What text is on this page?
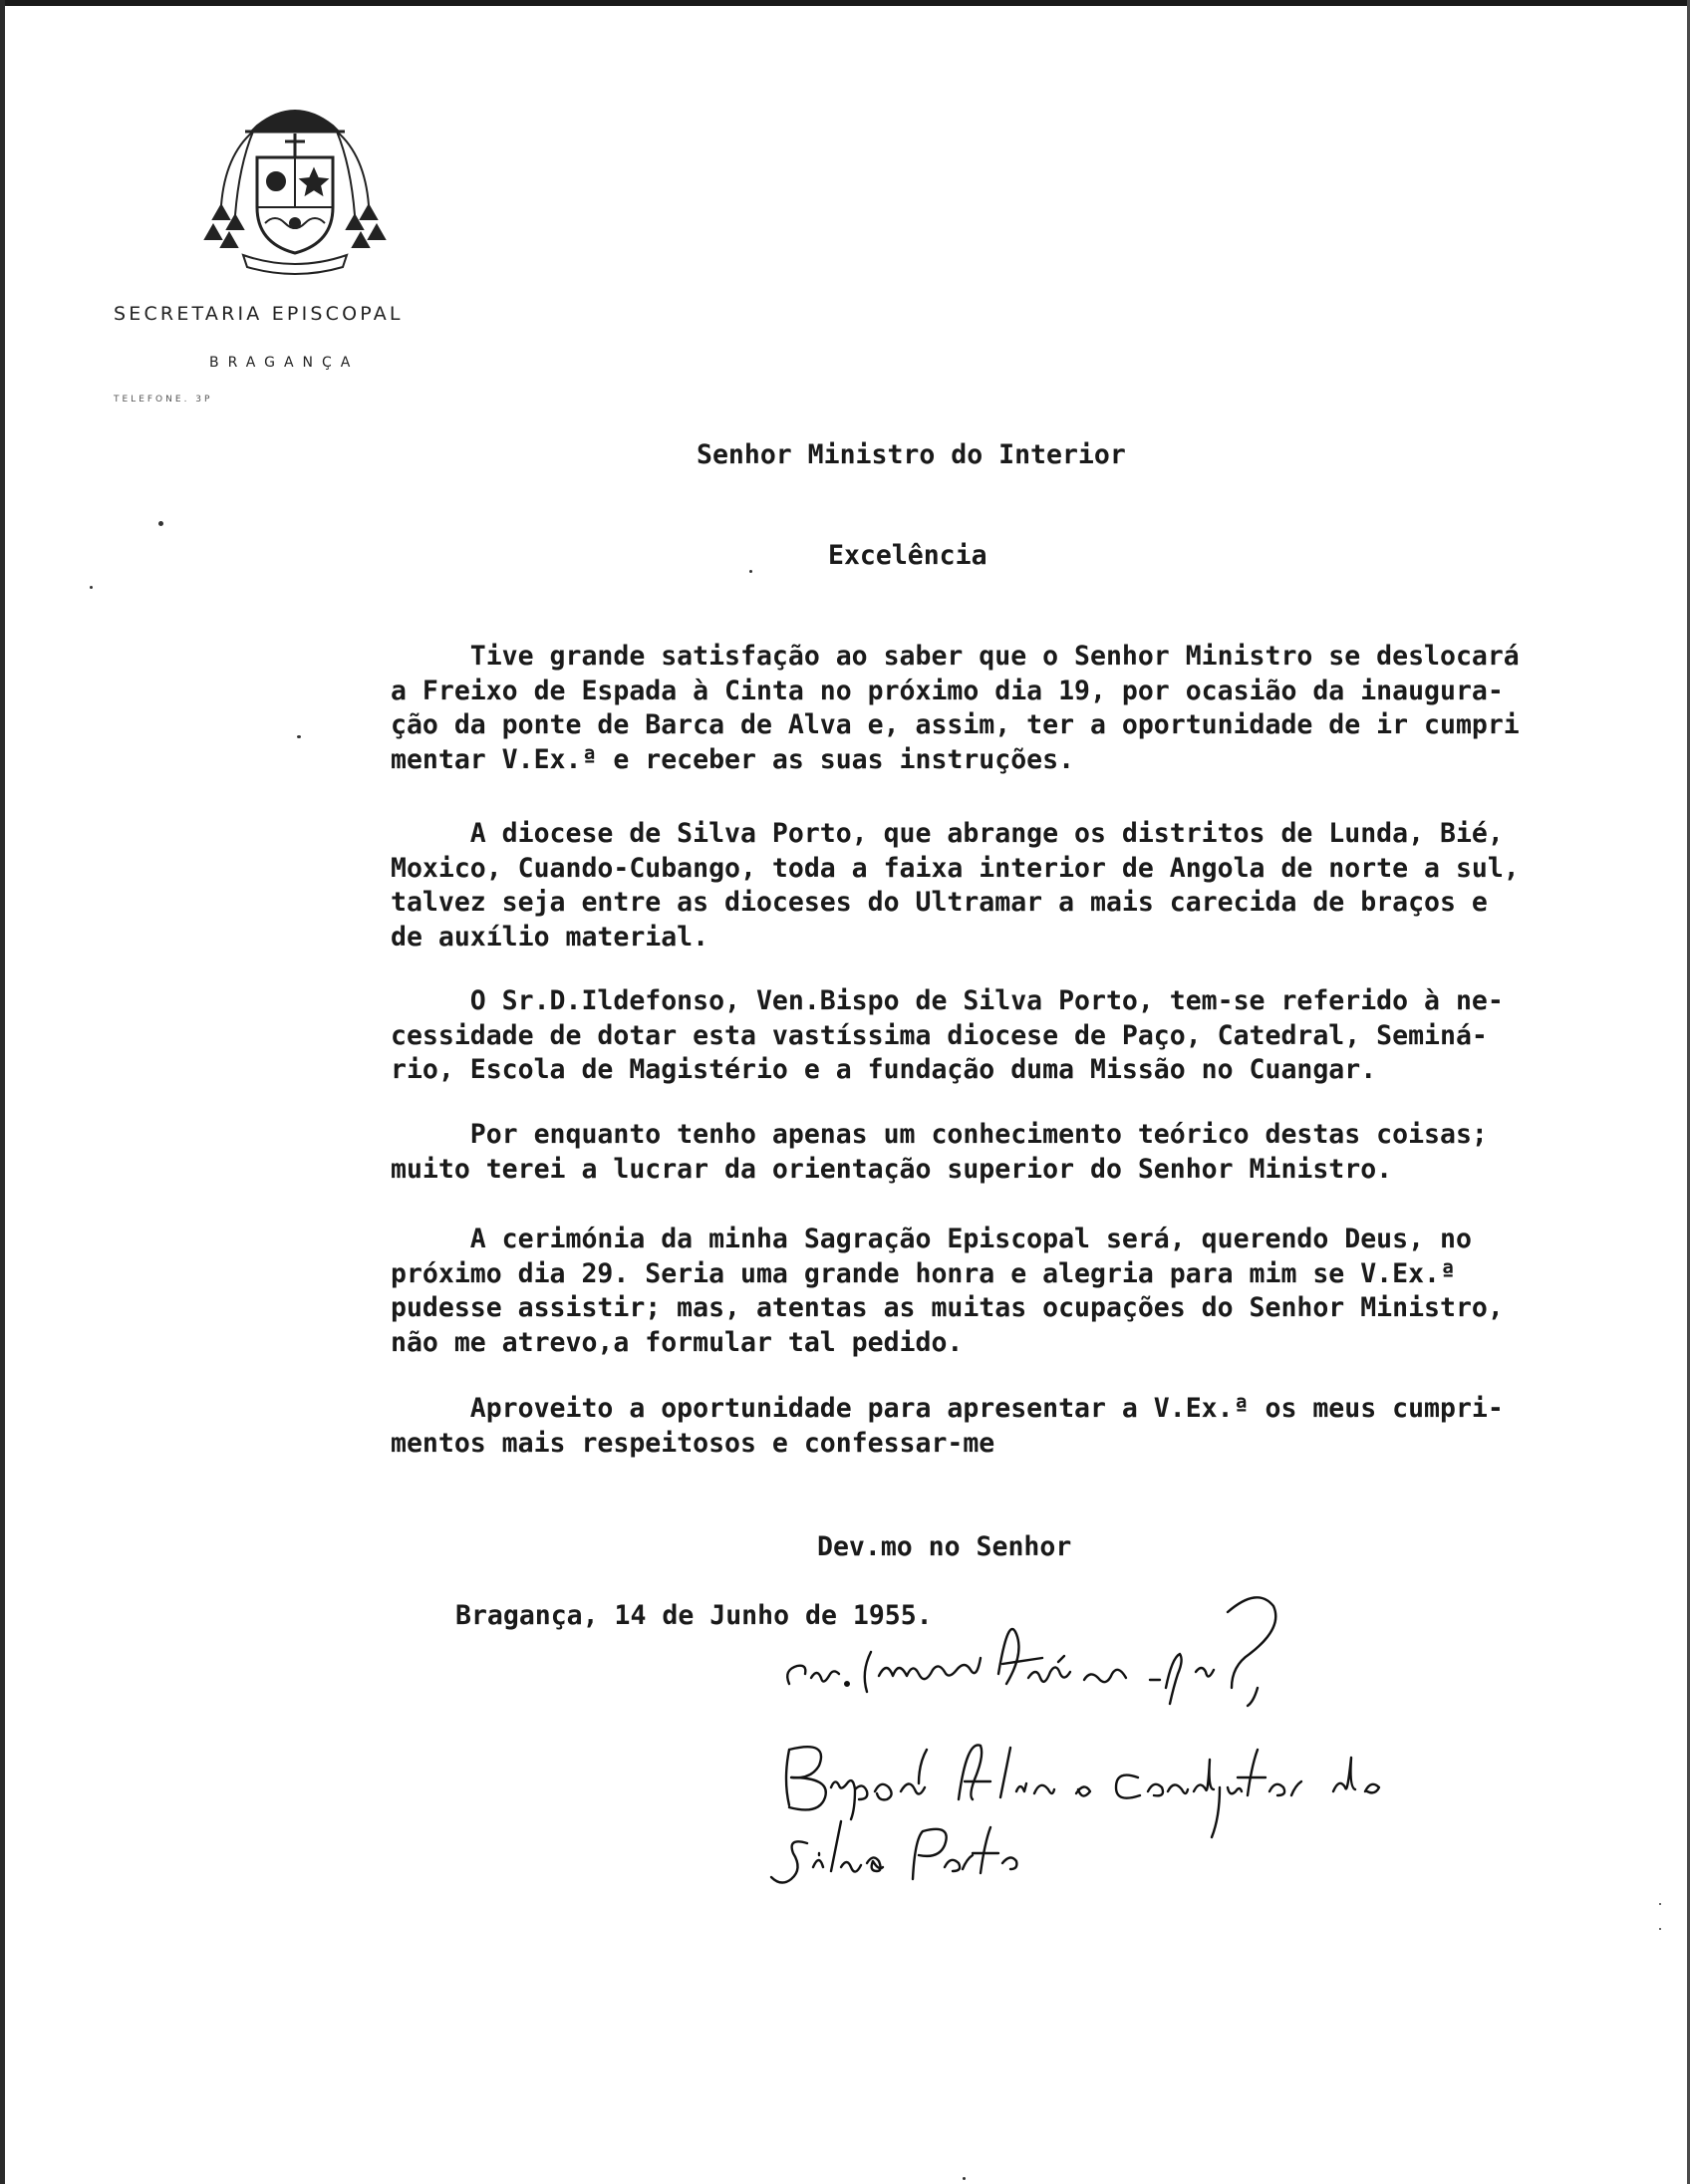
SECRETARIA EPISCOPAL
BRAGANÇA
TELEFONE. 3P
Senhor Ministro do Interior
Excelência
Tive grande satisfação ao saber que o Senhor Ministro se deslocará
a Freixo de Espada à Cinta no próximo dia 19, por ocasião da inaugura-
ção da ponte de Barca de Alva e, assim, ter a oportunidade de ir cumpri
mentar V.Ex.ª e receber as suas instruções.
A diocese de Silva Porto, que abrange os distritos de Lunda, Bié,
Moxico, Cuando-Cubango, toda a faixa interior de Angola de norte a sul,
talvez seja entre as dioceses do Ultramar a mais carecida de braços e
de auxílio material.
O Sr.D.Ildefonso, Ven.Bispo de Silva Porto, tem-se referido à ne-
cessidade de dotar esta vastíssima diocese de Paço, Catedral, Seminá-
rio, Escola de Magistério e a fundação duma Missão no Cuangar.
Por enquanto tenho apenas um conhecimento teórico destas coisas;
muito terei a lucrar da orientação superior do Senhor Ministro.
A cerimónia da minha Sagração Episcopal será, querendo Deus, no
próximo dia 29. Seria uma grande honra e alegria para mim se V.Ex.ª
pudesse assistir; mas, atentas as muitas ocupações do Senhor Ministro,
não me atrevo,a formular tal pedido.
Aproveito a oportunidade para apresentar a V.Ex.ª os meus cumpri-
mentos mais respeitosos e confessar-me
Dev.mo no Senhor
Bragança, 14 de Junho de 1955.
